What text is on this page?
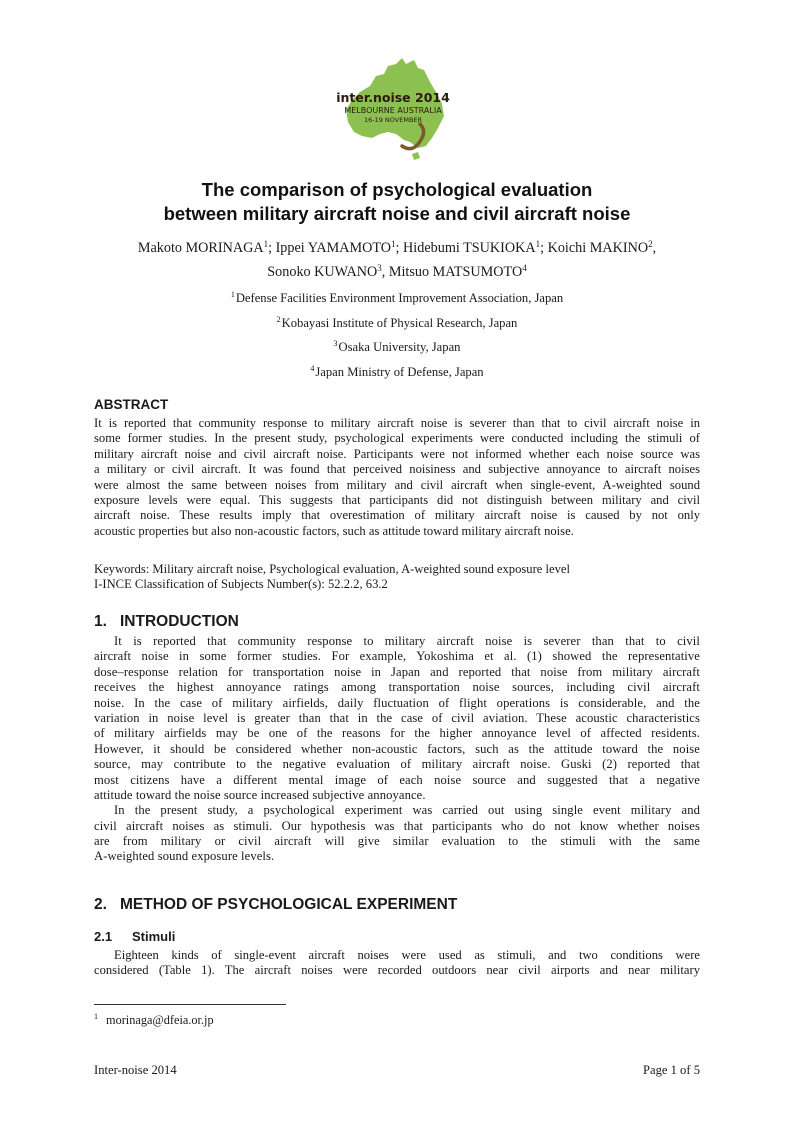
inter.noise 2014
MELBOURNE AUSTRALIA
16-19 NOVEMBER
The comparison of psychological evaluation
between military aircraft noise and civil aircraft noise
Makoto MORINAGA$^1$; Ippei YAMAMOTO$^1$; Hidebumi TSUKIOKA$^1$; Koichi MAKINO$^2$,
Sonoko KUWANO$^3$, Mitsuo MATSUMOTO$^4$
$^1$Defense Facilities Environment Improvement Association, Japan
$^2$Kobayasi Institute of Physical Research, Japan
$^3$Osaka University, Japan
$^4$Japan Ministry of Defense, Japan
ABSTRACT
It is reported that community response to military aircraft noise is severer than that to civil aircraft noise in
some former studies. In the present study, psychological experiments were conducted including the stimuli of
military aircraft noise and civil aircraft noise. Participants were not informed whether each noise source was
a military or civil aircraft. It was found that perceived noisiness and subjective annoyance to aircraft noises
were almost the same between noises from military and civil aircraft when single-event, A-weighted sound
exposure levels were equal. This suggests that participants did not distinguish between military and civil
aircraft noise. These results imply that overestimation of military aircraft noise is caused by not only
acoustic properties but also non-acoustic factors, such as attitude toward military aircraft noise.
Keywords: Military aircraft noise, Psychological evaluation, A-weighted sound exposure level
I-INCE Classification of Subjects Number(s): 52.2.2, 63.2
1. INTRODUCTION
It is reported that community response to military aircraft noise is severer than that to civil
aircraft noise in some former studies. For example, Yokoshima et al. (1) showed the representative
dose–response relation for transportation noise in Japan and reported that noise from military aircraft
receives the highest annoyance ratings among transportation noise sources, including civil aircraft
noise. In the case of military airfields, daily fluctuation of flight operations is considerable, and the
variation in noise level is greater than that in the case of civil aviation. These acoustic characteristics
of military airfields may be one of the reasons for the higher annoyance level of affected residents.
However, it should be considered whether non-acoustic factors, such as the attitude toward the noise
source, may contribute to the negative evaluation of military aircraft noise. Guski (2) reported that
most citizens have a different mental image of each noise source and suggested that a negative
attitude toward the noise source increased subjective annoyance.
In the present study, a psychological experiment was carried out using single event military and
civil aircraft noises as stimuli. Our hypothesis was that participants who do not know whether noises
are from military or civil aircraft will give similar evaluation to the stimuli with the same
A-weighted sound exposure levels.
2. METHOD OF PSYCHOLOGICAL EXPERIMENT
2.1 Stimuli
Eighteen kinds of single-event aircraft noises were used as stimuli, and two conditions were
considered (Table 1). The aircraft noises were recorded outdoors near civil airports and near military
$^1$ morinaga@dfeia.or.jp
Inter-noise 2014	Page 1 of 5
